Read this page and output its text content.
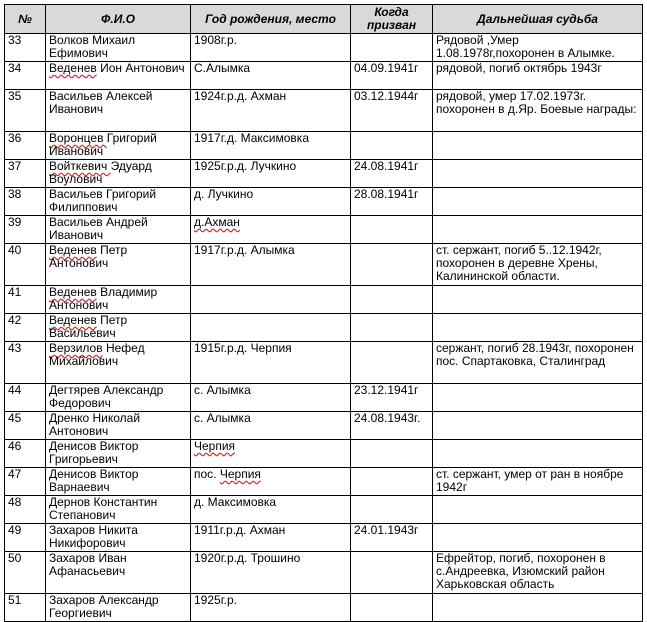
№	Ф.И.О	Год рождения, место	Когда призван	Дальнейшая судьба
33	Волков Михаил Ефимович	1908г.р.		Рядовой ,Умер 1.08.1978г,похоронен в Алымке.
34	Веденев Ион Антонович	С.Алымка	04.09.1941г	рядовой, погиб октябрь 1943г
35	Васильев Алексей Иванович	1924г.р.д. Ахман	03.12.1944г	рядовой, умер 17.02.1973г. похоронен в д.Яр. Боевые награды:
36	Воронцев Григорий Иванович	1917г.д. Максимовка		
37	Войткевич Эдуард Воулович	1925г.р.д. Лучкино	24.08.1941г	
38	Васильев Григорий Филиппович	д. Лучкино	28.08.1941г	
39	Васильев Андрей Иванович	д.Ахман		
40	Веденев Петр Антонович	1917г.р.д. Алымка		ст. сержант, погиб 5..12.1942г, похоронен в деревне Хрены, Калининской области.
41	Веденев Владимир Антонович			
42	Веденев Петр Васильевич			
43	Верзилов Нефед Михайлович	1915г.р.д. Черпия		сержант, погиб 28.1943г, похоронен пос. Спартаковка, Сталинград
44	Дегтярев Александр Федорович	с. Алымка	23.12.1941г	
45	Дренко Николай Антонович	с. Алымка	24.08.1943г.	
46	Денисов Виктор Григорьевич	Черпия		
47	Денисов Виктор Варнаевич	пос. Черпия		ст. сержант, умер от ран в ноябре 1942г
48	Дернов Константин Степанович	д. Максимовка		
49	Захаров Никита Никифорович	1911г.р.д. Ахман	24.01.1943г	
50	Захаров Иван Афанасьевич	1920г.р.д. Трошино		Ефрейтор, погиб, похоронен в с.Андреевка, Изюмский район Харьковская область
51	Захаров Александр Георгиевич	1925г.р.		
